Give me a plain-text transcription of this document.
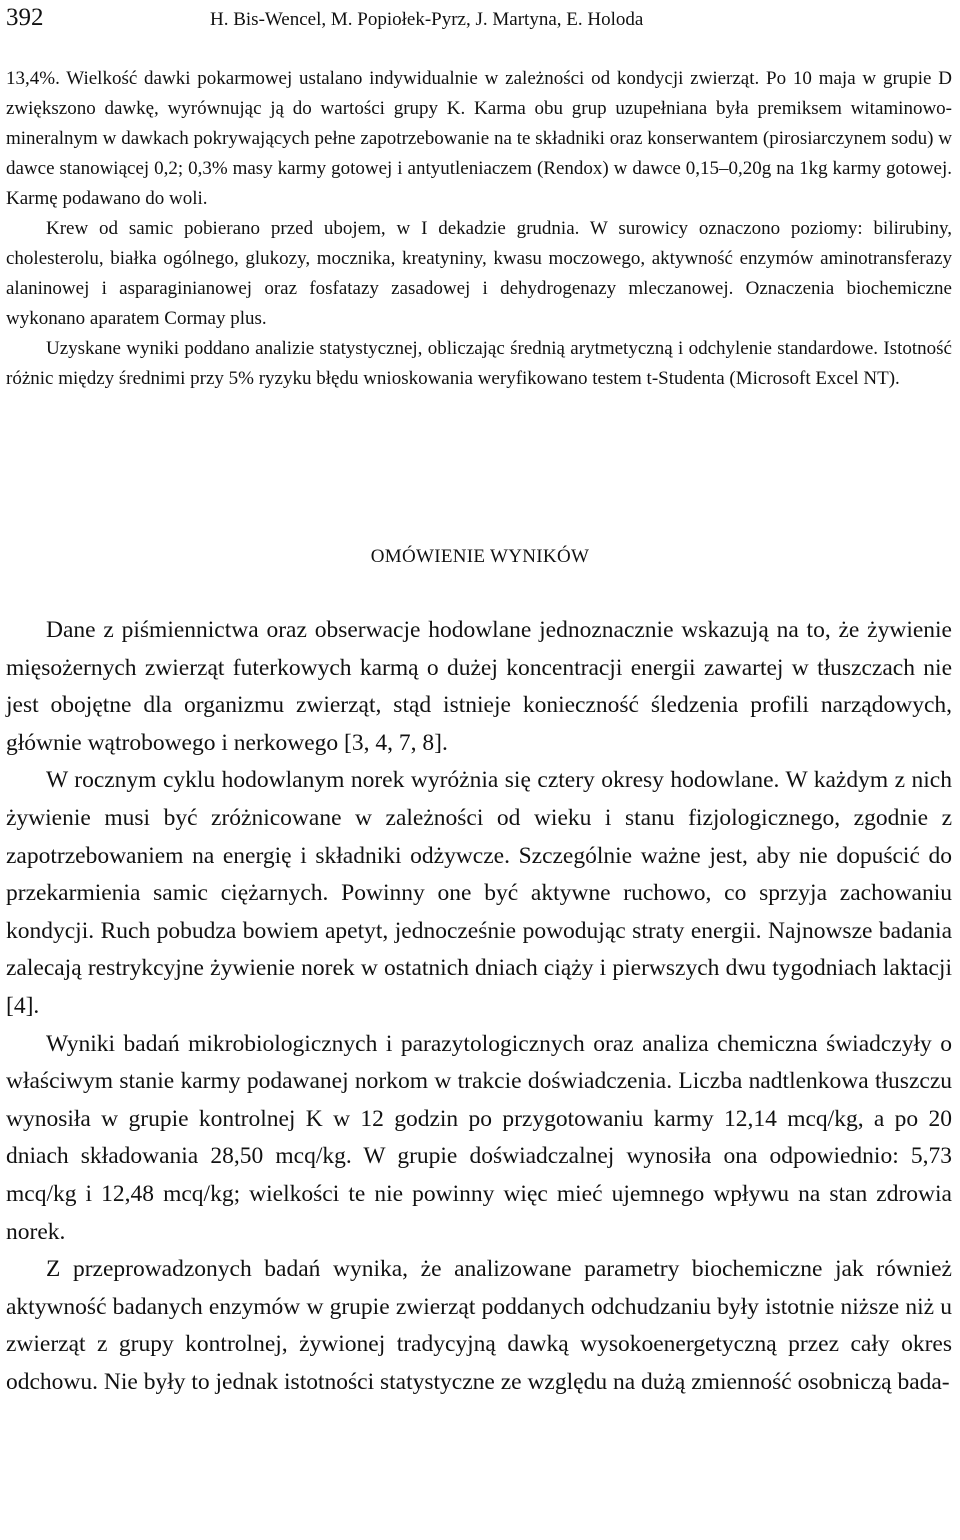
392	H. Bis-Wencel, M. Popiołek-Pyrz, J. Martyna, E. Holoda

13,4%. Wielkość dawki pokarmowej ustalano indywidualnie w zależności od kondycji zwierząt. Po 10 maja w grupie D zwiększono dawkę, wyrównując ją do wartości grupy K. Karma obu grup uzupełniana była premiksem witaminowo-mineralnym w dawkach pokrywających pełne zapotrzebowanie na te składniki oraz konserwantem (pirosiarczynem sodu) w dawce stanowiącej 0,2; 0,3% masy karmy gotowej i antyutleniaczem (Rendox) w dawce 0,15–0,20g na 1kg karmy gotowej. Karmę podawano do woli.

Krew od samic pobierano przed ubojem, w I dekadzie grudnia. W surowicy oznaczono poziomy: bilirubiny, cholesterolu, białka ogólnego, glukozy, mocznika, kreatyniny, kwasu moczowego, aktywność enzymów aminotransferazy alaninowej i asparaginianowej oraz fosfatazy zasadowej i dehydrogenazy mleczanowej. Oznaczenia biochemiczne wykonano aparatem Cormay plus.

Uzyskane wyniki poddano analizie statystycznej, obliczając średnią arytmetyczną i odchylenie standardowe. Istotność różnic między średnimi przy 5% ryzyku błędu wnioskowania weryfikowano testem t-Studenta (Microsoft Excel NT).

OMÓWIENIE WYNIKÓW

Dane z piśmiennictwa oraz obserwacje hodowlane jednoznacznie wskazują na to, że żywienie mięsożernych zwierząt futerkowych karmą o dużej koncentracji energii zawartej w tłuszczach nie jest obojętne dla organizmu zwierząt, stąd istnieje konieczność śledzenia profili narządowych, głównie wątrobowego i nerkowego [3, 4, 7, 8].

W rocznym cyklu hodowlanym norek wyróżnia się cztery okresy hodowlane. W każdym z nich żywienie musi być zróżnicowane w zależności od wieku i stanu fizjologicznego, zgodnie z zapotrzebowaniem na energię i składniki odżywcze. Szczególnie ważne jest, aby nie dopuścić do przekarmienia samic ciężarnych. Powinny one być aktywne ruchowo, co sprzyja zachowaniu kondycji. Ruch pobudza bowiem apetyt, jednocześnie powodując straty energii. Najnowsze badania zalecają restrykcyjne żywienie norek w ostatnich dniach ciąży i pierwszych dwu tygodniach laktacji [4].

Wyniki badań mikrobiologicznych i parazytologicznych oraz analiza chemiczna świadczyły o właściwym stanie karmy podawanej norkom w trakcie doświadczenia. Liczba nadtlenkowa tłuszczu wynosiła w grupie kontrolnej K w 12 godzin po przygotowaniu karmy 12,14 mcq/kg, a po 20 dniach składowania 28,50 mcq/kg. W grupie doświadczalnej wynosiła ona odpowiednio: 5,73 mcq/kg i 12,48 mcq/kg; wielkości te nie powinny więc mieć ujemnego wpływu na stan zdrowia norek.

Z przeprowadzonych badań wynika, że analizowane parametry biochemiczne jak również aktywność badanych enzymów w grupie zwierząt poddanych odchudzaniu były istotnie niższe niż u zwierząt z grupy kontrolnej, żywionej tradycyjną dawką wysokoenergetyczną przez cały okres odchowu. Nie były to jednak istotności statystyczne ze względu na dużą zmienność osobniczą bada-
